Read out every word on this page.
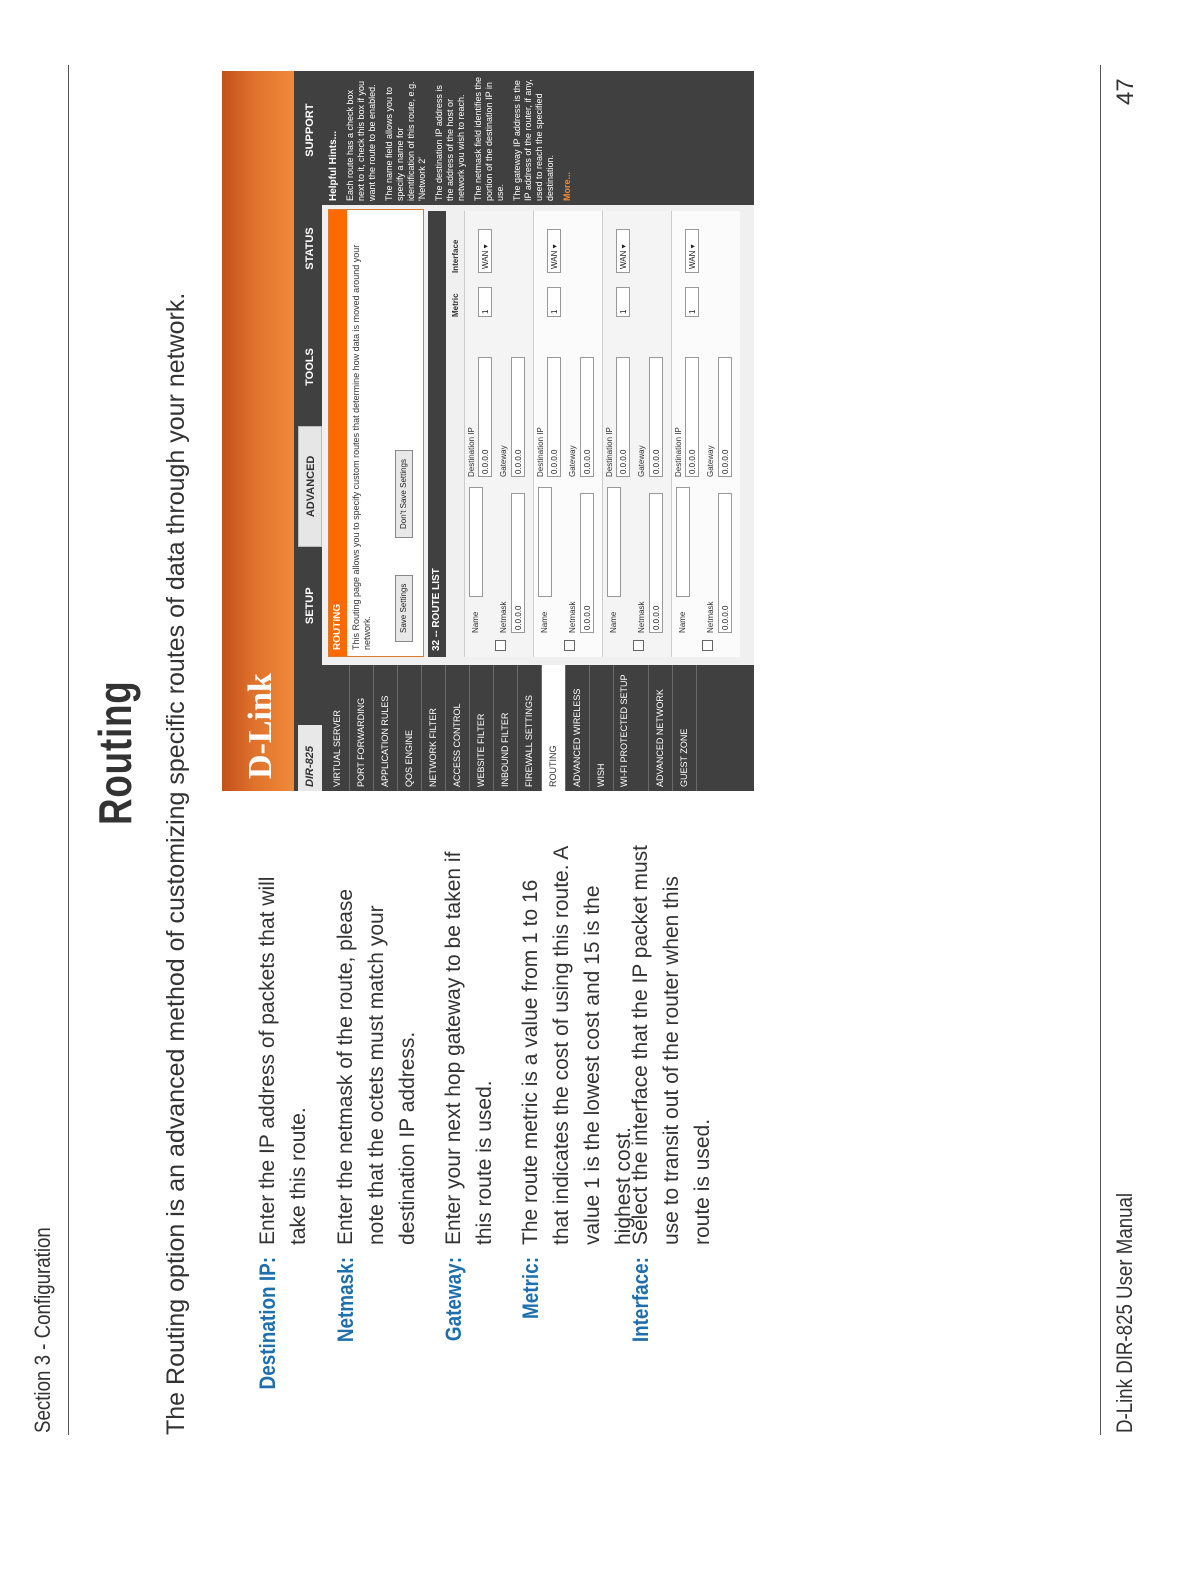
Section 3 - Configuration
Routing The Routing option is an advanced method of customizing specific routes of data through your network.	Destination IP:
Enter the IP address of packets that will take this route.
Netmask:
Enter the netmask of the route, please note that the octets must match your destination IP address.
Gateway:
Enter your next hop gateway to be taken if this route is used.
Metric:
The route metric is a value from 1 to 16 that indicates the cost of using this route. A value 1 is the lowest cost and 15 is the highest cost.
Interface:
Select the interface that the IP packet must use to transit out of the router when this route is used.
D-Link	DIR-825
SETUP
ADVANCED
TOOLS
STATUS
SUPPORT
VIRTUAL SERVER	PORT FORWARDING	APPLICATION RULES	QOS ENGINE	NETWORK FILTER	ACCESS CONTROL	WEBSITE FILTER	INBOUND FILTER	FIREWALL SETTINGS	ROUTING	ADVANCED WIRELESS	WISH	WI-FI PROTECTED SETUP	ADVANCED NETWORK	GUEST ZONE
ROUTING This Routing page allows you to specify custom routes that determine how data is moved around your network.	Save Settings
Don't Save Settings
32 -- ROUTE LIST
Metric
Interface
Name
Destination IP 0.0.0.0
Netmask 0.0.0.0
Gateway 0.0.0.0
1
WAN ▾
Name
Destination IP 0.0.0.0
Netmask 0.0.0.0
Gateway 0.0.0.0
1
WAN ▾
Name
Destination IP 0.0.0.0
Netmask 0.0.0.0
Gateway 0.0.0.0
1
WAN ▾
Name
Destination IP 0.0.0.0
Netmask 0.0.0.0
Gateway 0.0.0.0
1
WAN ▾
Helpful Hints... Each route has a check box next to it, check this box if you want the route to be enabled. The name field allows you to specify a name for identification of this route, e.g. 'Network 2' The destination IP address is the address of the host or network you wish to reach. The netmask field identifies the portion of the destination IP in use. The gateway IP address is the IP address of the router, if any, used to reach the specified destination. More...
D-Link DIR-825 User Manual
47
